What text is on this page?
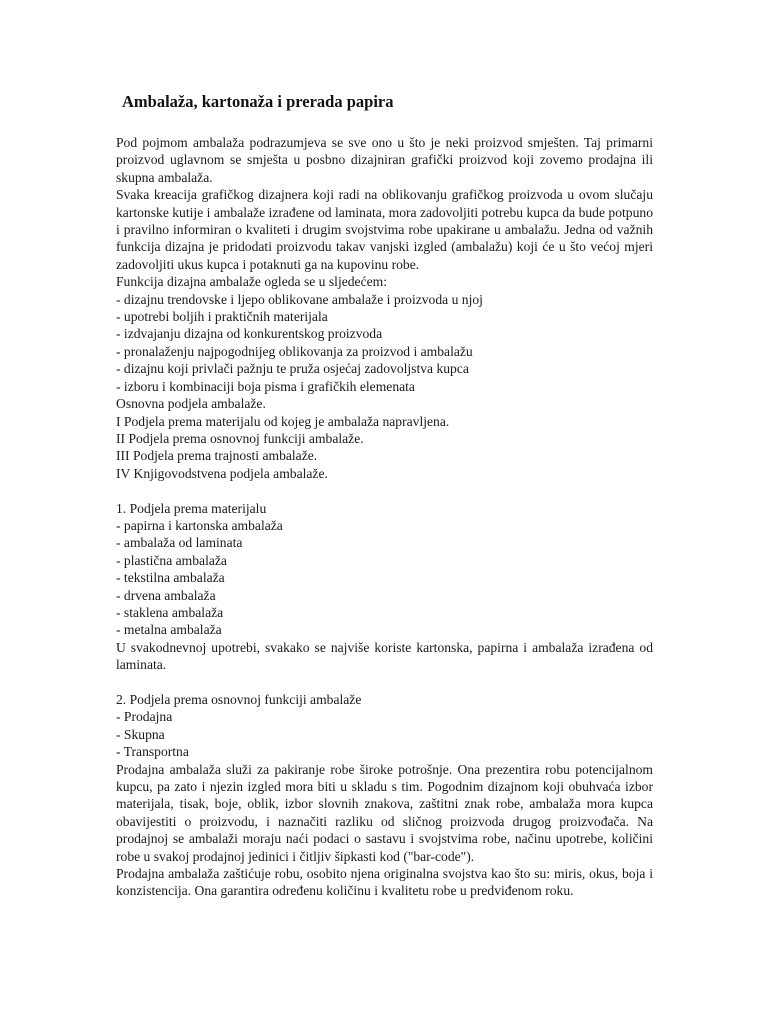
Ambalaža, kartonaža i prerada papira

Pod pojmom ambalaža podrazumjeva se sve ono u što je neki proizvod smješten. Taj primarni proizvod uglavnom se smješta u posbno dizajniran grafički proizvod koji zovemo prodajna ili skupna ambalaža.

Svaka kreacija grafičkog dizajnera koji radi na oblikovanju grafičkog proizvoda u ovom slučaju kartonske kutije i ambalaže izrađene od laminata, mora zadovoljiti potrebu kupca da bude potpuno i pravilno informiran o kvaliteti i drugim svojstvima robe upakirane u ambalažu. Jedna od važnih funkcija dizajna je pridodati proizvodu takav vanjski izgled (ambalažu) koji će u što većoj mjeri zadovoljiti ukus kupca i potaknuti ga na kupovinu robe.

Funkcija dizajna ambalaže ogleda se u sljedećem:

- dizajnu trendovske i ljepo oblikovane ambalaže i proizvoda u njoj

- upotrebi boljih i praktičnih materijala

- izdvajanju dizajna od konkurentskog proizvoda

- pronalaženju najpogodnijeg oblikovanja za proizvod i ambalažu

- dizajnu koji privlači pažnju te pruža osjećaj zadovoljstva kupca

- izboru i kombinaciji boja pisma i grafičkih elemenata

Osnovna podjela ambalaže.

I Podjela prema materijalu od kojeg je ambalaža napravljena.

II Podjela prema osnovnoj funkciji ambalaže.

III Podjela prema trajnosti ambalaže.

IV Knjigovodstvena podjela ambalaže.

1. Podjela prema materijalu

- papirna i kartonska ambalaža

- ambalaža od laminata

- plastična ambalaža

- tekstilna ambalaža

- drvena ambalaža

- staklena ambalaža

- metalna ambalaža

U svakodnevnoj upotrebi, svakako se najviše koriste kartonska, papirna i ambalaža izrađena od laminata.

2. Podjela prema osnovnoj funkciji ambalaže

- Prodajna

- Skupna

- Transportna

Prodajna ambalaža služi za pakiranje robe široke potrošnje. Ona prezentira robu potencijalnom kupcu, pa zato i njezin izgled mora biti u skladu s tim. Pogodnim dizajnom koji obuhvaća izbor materijala, tisak, boje, oblik, izbor slovnih znakova, zaštitni znak robe, ambalaža mora kupca obavijestiti o proizvodu, i naznačiti razliku od sličnog proizvoda drugog proizvođača. Na prodajnoj se ambalaži moraju naći podaci o sastavu i svojstvima robe, načinu upotrebe, količini robe u svakoj prodajnoj jedinici i čitljiv šipkasti kod ("bar-code").

Prodajna ambalaža zaštićuje robu, osobito njena originalna svojstva kao što su: miris, okus, boja i konzistencija. Ona garantira određenu količinu i kvalitetu robe u predviđenom roku.
